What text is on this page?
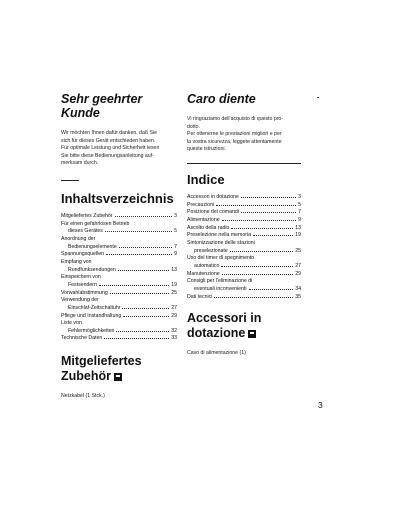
Sehr geehrter
Kunde
Wir möchten Ihnen dafür danken, daß Sie
sich für dieses Gerät entschieden haben.
Für optimale Leistung und Sicherheit lesen
Sie bitte diese Bedienungsanleitung auf-
merksam durch.
Inhaltsverzeichnis
Mitgeliefertes Zubehör	3
Für einen gefahrlosen Betrieb
dieses Gerätes	5
Anordnung der
Bedienungselemente	7
Spannungsquellen	9
Empfang von
Rundfunksendungen	13
Einspeichern von
Festsendern	19
Vorwahlabstimmung	25
Verwendung der
Einschlaf-Zeitschaltuhr	27
Pflege und Instandhaltung	29
Liste von
Fehlermöglichkeiten	32
Technische Daten	33
Mitgeliefertes
Zubehör
Netzkabel (1 Stck.)
Caro diente
Vi ringraziamo dell'acquisto di questo pro-
dotto.
Per ottenerne le prestazioni migliori e per
la vostra sicurezza, leggete attentamente
queste istruzioni.
Indice
Accessori in dotazione	3
Precauzioni	5
Posizione dei comandi	7
Alimentazione	9
Ascolto della radio	13
Preselezione nella memoria	19
Sintonizzazione delle stazioni
preselezionate	25
Uso del timer di spegnimento
automatico	27
Manutenzione	29
Consigli per l'eliminazione di
eventuali inconvenienti	34
Dati tecnici	35
Accessori in
dotazione
Cavo di alimentazione (1)
3
